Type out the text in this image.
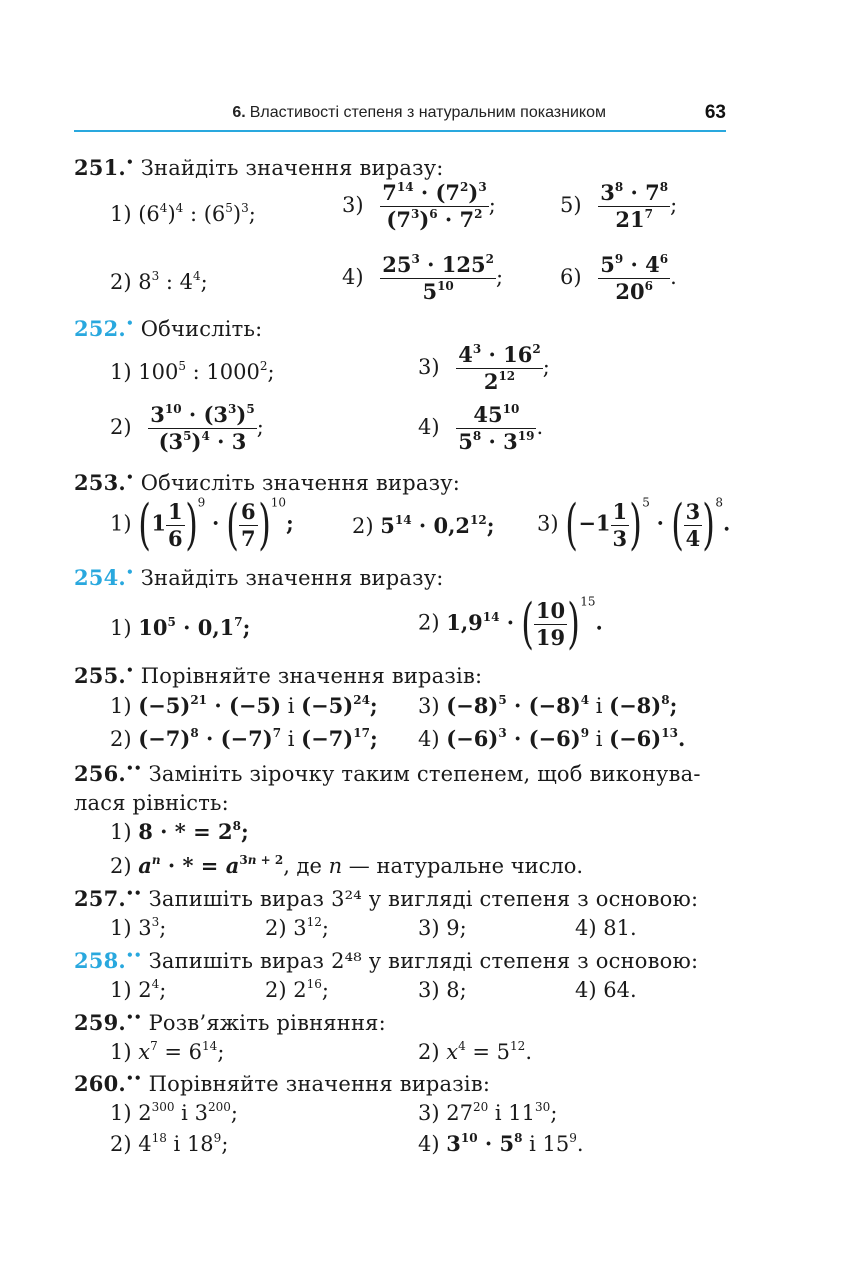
6. Властивості степеня з натуральним показником	63
251.• Знайдіть значення виразу:
1) $(6^4)^4$ : $(6^5)^3$;	$3) \frac{7^{14} \cdot (7^2)^3}{(7^3)^6 \cdot 7^2}$ ;	$5) \frac{3^8 \cdot 7^8}{21^7}$ ;
2) $8^3$ : $4^4$;	$4) \frac{25^3 \cdot 125^2}{5^{10}}$ ;	$6) \frac{5^9 \cdot 4^6}{20^6}$ .
252.• Обчисліть:
1) $100^5$ : 1000$^2$;	$3) \frac{4^3 \cdot 16^2}{2^{12}}$ ;
$2) \frac{3^{10} \cdot (3^3)^5}{(3^5)^4 \cdot 3}$ ;	$4) \frac{45^{10}}{5^8 \cdot 3^{19}}$ .
253.• Обчисліть значення виразу:
1) $(1 \frac{1}{6} )^9$ · ( $\frac{6}{7} )^{10}$;	2) $5^{14} \cdot 0,2^{12}$; 3) $(-1 \frac{1}{3} )^5$ · ( $\frac{3}{4} )^8$.
254.• Знайдіть значення виразу:
1) $10^5 \cdot 0,1^7$;	2) $1,9^{14}$ · ( $\frac{10}{19} )^{15}$.
255.• Порівняйте значення виразів:
1) $(-5)^{21} \cdot (-5)$ і $(-5)^{24}$; 3) $(-8)^5 \cdot (-8)^4$ і $(-8)^8$;
2) $(-7)^8 \cdot (-7)^7$ і $(-7)^{17}$; 4) $(-6)^3 \cdot (-6)^9$ і $(-6)^{13}$.
256.•• Замініть зірочку таким степенем, щоб виконува-
лася рівність:
1) 8 · * = $2^8$;
2) $a^n$ · * = $a^{3n + 2}$, де n — натуральне число.
257.•• Запишіть вираз 3²⁴ у вигляді степеня з основою:
1) $3^3$;	2) $3^{12}$;	3) 9;	4) 81.
258.•• Запишіть вираз 2⁴⁸ у вигляді степеня з основою:
1) $2^4$;	2) $2^{16}$;	3) 8;	4) 64.
259.•• Розв’яжіть рівняння:
1) $x^7 = 6^{14}$;	2) $x^4 = 5^{12}$.
260.•• Порівняйте значення виразів:
1) $2^{300}$ і $3^{200}$;	3) $27^{20}$ і $11^{30}$;
2) $4^{18}$ і $18^9$;	4) $3^{10} \cdot 5^8$ і $15^9$.
